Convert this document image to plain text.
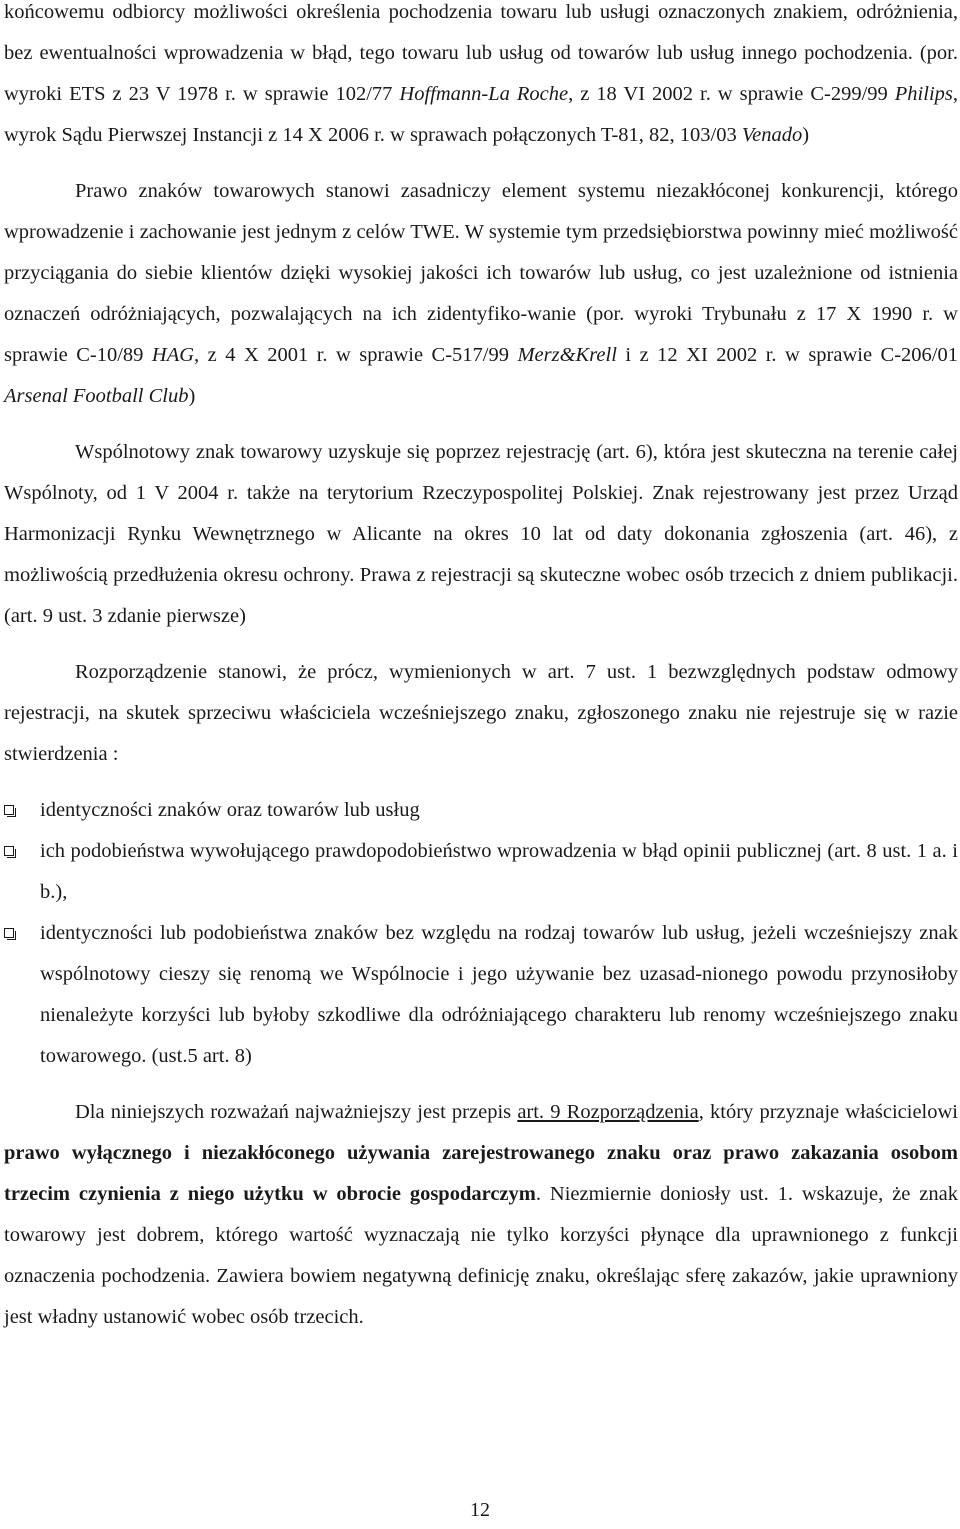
końcowemu odbiorcy możliwości określenia pochodzenia towaru lub usługi oznaczonych znakiem, odróżnienia, bez ewentualności wprowadzenia w błąd, tego towaru lub usług od towarów lub usług innego pochodzenia. (por. wyroki ETS z 23 V 1978 r. w sprawie 102/77 Hoffmann-La Roche, z 18 VI 2002 r. w sprawie C-299/99 Philips, wyrok Sądu Pierwszej Instancji z 14 X 2006 r. w sprawach połączonych T-81, 82, 103/03 Venado)

Prawo znaków towarowych stanowi zasadniczy element systemu niezakłóconej konkurencji, którego wprowadzenie i zachowanie jest jednym z celów TWE. W systemie tym przedsiębiorstwa powinny mieć możliwość przyciągania do siebie klientów dzięki wysokiej jakości ich towarów lub usług, co jest uzależnione od istnienia oznaczeń odróżniających, pozwalających na ich zidentyfiko-wanie (por. wyroki Trybunału z 17 X 1990 r. w sprawie C-10/89 HAG, z 4 X 2001 r. w sprawie C-517/99 Merz&Krell i z 12 XI 2002 r. w sprawie C-206/01 Arsenal Football Club)

Wspólnotowy znak towarowy uzyskuje się poprzez rejestrację (art. 6), która jest skuteczna na terenie całej Wspólnoty, od 1 V 2004 r. także na terytorium Rzeczypospolitej Polskiej. Znak rejestrowany jest przez Urząd Harmonizacji Rynku Wewnętrznego w Alicante na okres 10 lat od daty dokonania zgłoszenia (art. 46), z możliwością przedłużenia okresu ochrony. Prawa z rejestracji są skuteczne wobec osób trzecich z dniem publikacji. (art. 9 ust. 3 zdanie pierwsze)

Rozporządzenie stanowi, że prócz, wymienionych w art. 7 ust. 1 bezwzględnych podstaw odmowy rejestracji, na skutek sprzeciwu właściciela wcześniejszego znaku, zgłoszonego znaku nie rejestruje się w razie stwierdzenia :

identyczności znaków oraz towarów lub usług
ich podobieństwa wywołującego prawdopodobieństwo wprowadzenia w błąd opinii publicznej (art. 8 ust. 1 a. i b.),
identyczności lub podobieństwa znaków bez względu na rodzaj towarów lub usług, jeżeli wcześniejszy znak wspólnotowy cieszy się renomą we Wspólnocie i jego używanie bez uzasad-nionego powodu przynosiłoby nienależyte korzyści lub byłoby szkodliwe dla odróżniającego charakteru lub renomy wcześniejszego znaku towarowego. (ust.5 art. 8)

Dla niniejszych rozważań najważniejszy jest przepis art. 9 Rozporządzenia, który przyznaje właścicielowi prawo wyłącznego i niezakłóconego używania zarejestrowanego znaku oraz prawo zakazania osobom trzecim czynienia z niego użytku w obrocie gospodarczym. Niezmiernie doniosły ust. 1. wskazuje, że znak towarowy jest dobrem, którego wartość wyznaczają nie tylko korzyści płynące dla uprawnionego z funkcji oznaczenia pochodzenia. Zawiera bowiem negatywną definicję znaku, określając sferę zakazów, jakie uprawniony jest władny ustanowić wobec osób trzecich.

12
